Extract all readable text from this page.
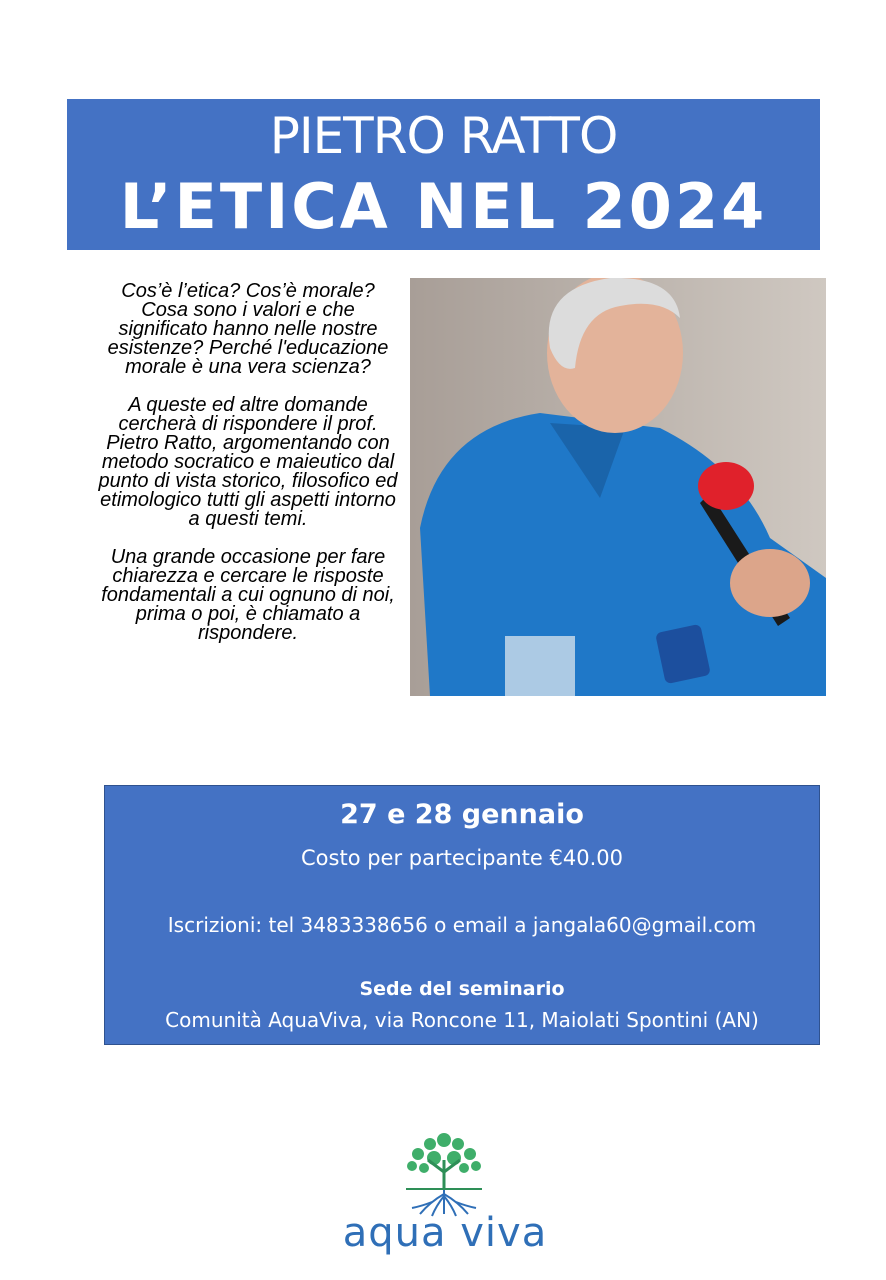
PIETRO RATTO
L’ETICA NEL 2024

Cos’è l’etica? Cos’è morale? Cosa sono i valori e che significato hanno nelle nostre esistenze? Perché l'educazione morale è una vera scienza?

A queste ed altre domande cercherà di rispondere il prof. Pietro Ratto, argomentando con metodo socratico e maieutico dal punto di vista storico, filosofico ed etimologico tutti gli aspetti intorno a questi temi.

Una grande occasione per fare chiarezza e cercare le risposte fondamentali a cui ognuno di noi, prima o poi, è chiamato a rispondere.

27 e 28 gennaio
Costo per partecipante €40.00
Iscrizioni: tel 3483338656 o email a jangala60@gmail.com
Sede del seminario
Comunità AquaViva, via Roncone 11, Maiolati Spontini (AN)
aqua viva
